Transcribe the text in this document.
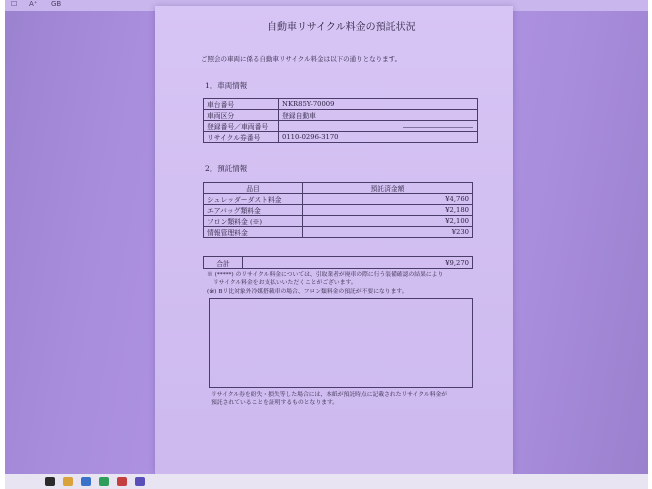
☐ A⁺ GB
自動車リサイクル料金の預託状況
ご照会の車両に係る自動車リサイクル料金は以下の通りとなります。
1．車両情報
車台番号	NKR85Y-70009
車両区分	登録自動車
登録番号／車両番号	
リサイクル券番号	0110-0296-3170
2．預託情報
品目	預託済金額
シュレッダーダスト料金	¥4,760
エアバッグ類料金	¥2,180
フロン類料金 (※)	¥2,100
情報管理料金	¥230
合計	¥9,270
※ (*****) のリサイクル料金については、引取業者が廃車の際に行う装備確認の結果により
リサイクル料金をお支払いいただくことがございます。
(※) Bリ比対象外冷媒搭載車の場合、フロン類料金の預託が不要になります。
リサイクル券を紛失・損失等した場合には、本紙が預託時点に記載されたリサイクル料金が
預託されていることを証明するものとなります。
